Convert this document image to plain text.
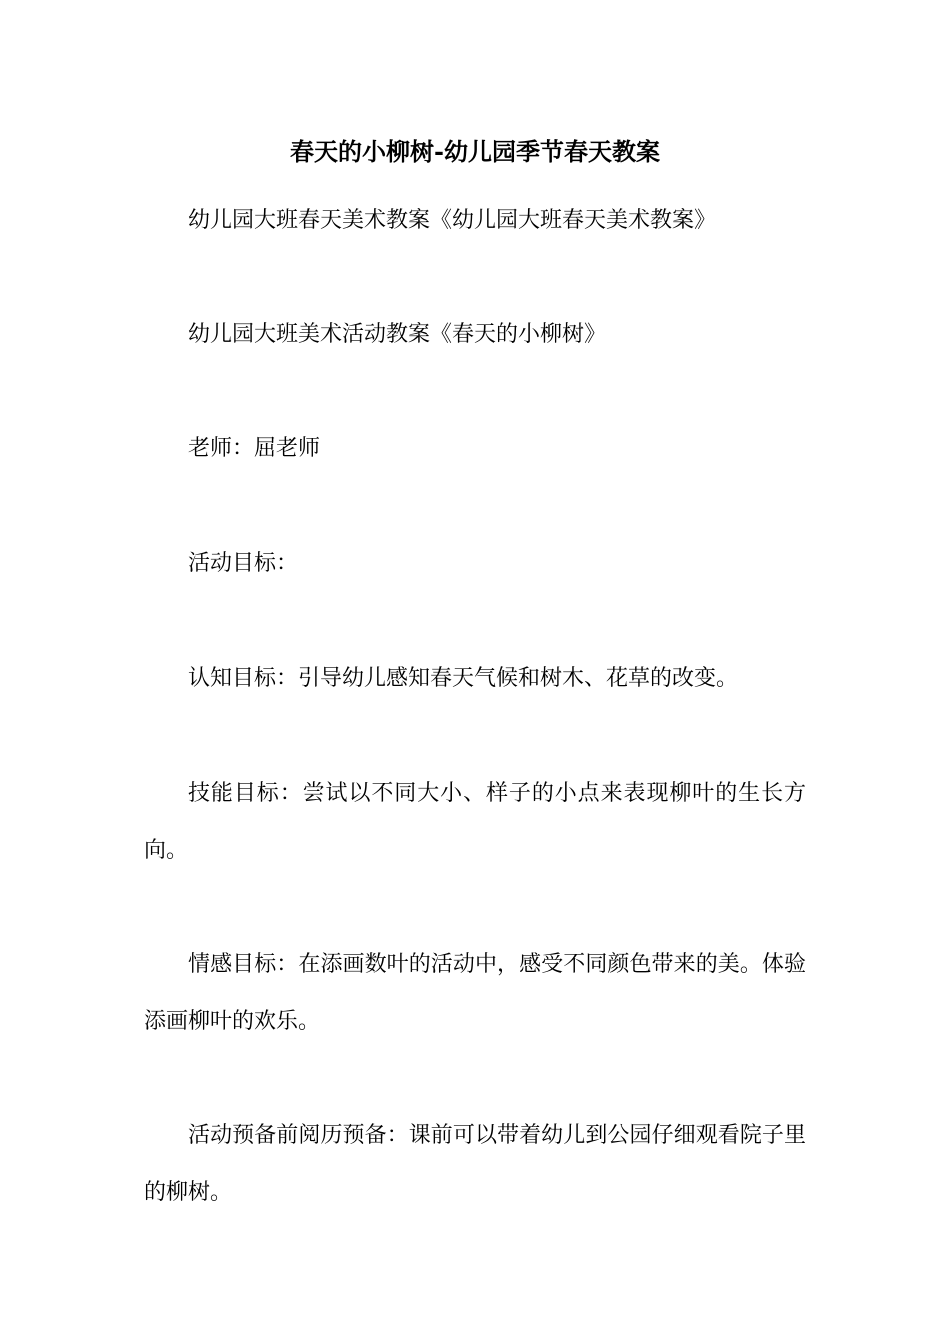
春天的小柳树-幼儿园季节春天教案
幼儿园大班春天美术教案《幼儿园大班春天美术教案》
幼儿园大班美术活动教案《春天的小柳树》
老师：屈老师
活动目标：
认知目标：引导幼儿感知春天气候和树木、花草的改变。
技能目标：尝试以不同大小、样子的小点来表现柳叶的生长方向。
情感目标：在添画数叶的活动中，感受不同颜色带来的美。体验添画柳叶的欢乐。
活动预备前阅历预备：课前可以带着幼儿到公园仔细观看院子里的柳树。
